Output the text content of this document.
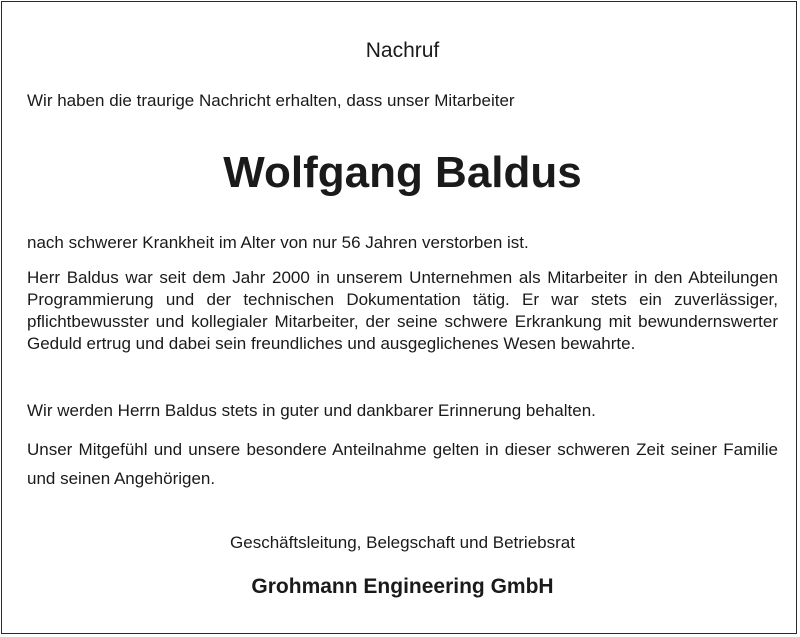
Nachruf
Wir haben die traurige Nachricht erhalten, dass unser Mitarbeiter
Wolfgang Baldus
nach schwerer Krankheit im Alter von nur 56 Jahren verstorben ist.
Herr Baldus war seit dem Jahr 2000 in unserem Unternehmen als Mitarbeiter in den Abteilungen Programmierung und der technischen Dokumentation tätig. Er war stets ein zuverlässiger, pflichtbewusster und kollegialer Mitarbeiter, der seine schwere Erkrankung mit bewundernswerter Geduld ertrug und dabei sein freundliches und ausgeglichenes Wesen bewahrte.
Wir werden Herrn Baldus stets in guter und dankbarer Erinnerung behalten.
Unser Mitgefühl und unsere besondere Anteilnahme gelten in dieser schweren Zeit seiner Familie und seinen Angehörigen.
Geschäftsleitung, Belegschaft und Betriebsrat
Grohmann Engineering GmbH
